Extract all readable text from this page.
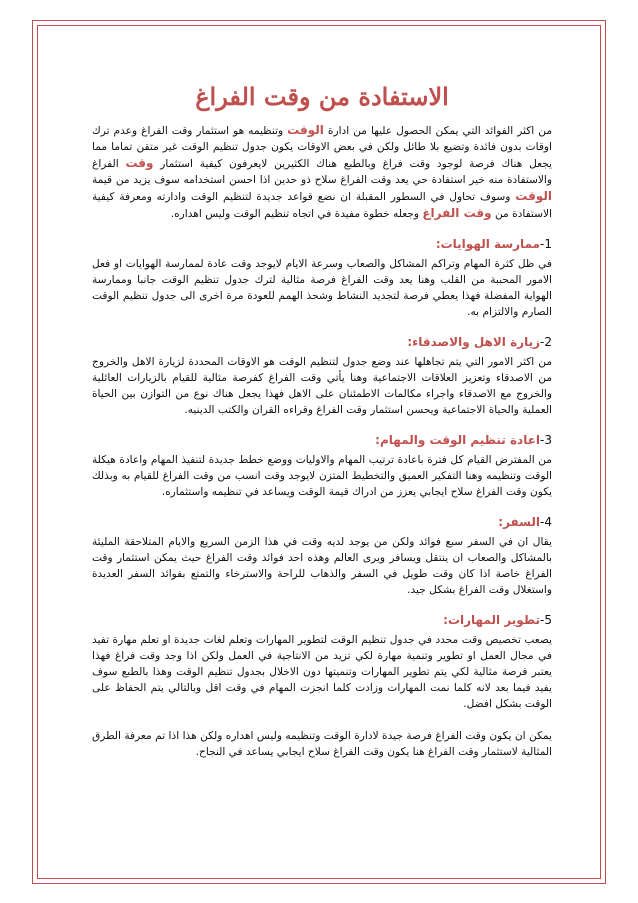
الاستفادة من وقت الفراغ

من اكثر الفوائد التي يمكن الحصول عليها من ادارة الوقت وتنظيمه هو استثمار وقت الفراغ وعدم ترك اوقات بدون فائدة وتضيع بلا طائل ولكن في بعض الاوقات يكون جدول تنظيم الوقت غير متقن تماما مما يجعل هناك فرصة لوجود وقت فراغ وبالطبع هناك الكثيرين لايعرفون كيفية استثمار وقت الفراغ والاستفادة منه خير استفادة حي يعد وقت الفراغ سلاح ذو حدين اذا احسن استخدامه سوف يزيد من قيمة الوقت وسوف تحاول في السطور المقبلة ان نضع قواعد جديدة لتنظيم الوقت وادارته ومعرفة كيفية الاستفادة من وقت الفراغ وجعله خطوة مفيدة في اتجاه تنظيم الوقت وليس اهداره.

1-ممارسة الهوايات:

في ظل كثرة المهام وتراكم المشاكل والصعاب وسرعة الايام لايوجد وقت عادة لممارسة الهوايات او فعل الامور المحببة من القلب وهنا يعد وقت الفراغ فرصة مثالية لترك جدول تنظيم الوقت جانبا وممارسة الهواية المفضلة فهذا يعطي فرصة لتجديد النشاط وشحذ الهمم للعودة مرة اخرى الى جدول تنظيم الوقت الصارم والالتزام به.

2-زيارة الاهل والاصدقاء:

من اكثر الامور التي يتم تجاهلها عند وضع جدول لتنظيم الوقت هو الاوقات المحددة لزيارة الاهل والخروج من الاصدقاء وتعزيز العلاقات الاجتماعية وهنا يأتي وقت الفراغ كفرصة مثالية للقيام بالزيارات العائلية والخروج مع الاصدقاء واجراء مكالمات الاطمئنان على الاهل فهذا يجعل هناك نوع من التوازن بين الحياة العملية والحياة الاجتماعية ويحسن استثمار وقت الفراغ وقراءه القران والكتب الدينيه.

3-اعادة تنظيم الوقت والمهام:

من المفترض القيام كل فترة باعادة ترتيب المهام والاوليات ووضع خطط جديدة لتنفيذ المهام واعادة هيكلة الوقت وتنظيمه وهنا التفكير العميق والتخطيط المتزن لايوجد وقت انسب من وقت الفراغ للقيام به وبذلك يكون وقت الفراغ سلاح ايجابي يعزز من ادراك قيمة الوقت ويساعد في تنظيمه واستثماره.

4-السفر:

يقال ان في السفر سبع فوائد ولكن من يوجد لديه وقت في هذا الزمن السريع والايام المتلاحقة المليئة بالمشاكل والصعاب ان ينتقل ويسافر ويرى العالم وهذه احد فوائد وقت الفراغ حيث يمكن استثمار وقت الفراغ خاصة اذا كان وقت طويل في السفر والذهاب للراحة والاسترخاء والتمتع بفوائد السفر العديدة واستغلال وقت الفراغ بشكل جيد.

5-تطوير المهارات:

يصعب تخصيص وقت محدد في جدول تنظيم الوقت لتطوير المهارات وتعلم لغات جديدة او تعلم مهارة تفيد في مجال العمل او تطوير وتنمية مهارة لكي تزيد من الانتاجية في العمل ولكن اذا وجد وقت فراغ فهذا يعتبر فرصة مثالية لكي يتم تطوير المهارات وتنميتها دون الاخلال بجدول تنظيم الوقت وهذا بالطبع سوف يفيد فيما بعد لانه كلما نمت المهارات وزادت كلما انجزت المهام في وقت اقل وبالتالي يتم الحفاظ على الوقت بشكل افضل.

يمكن ان يكون وقت الفراغ فرصة جيدة لادارة الوقت وتنظيمه وليس اهداره ولكن هذا اذا تم معرفة الطرق المثالية لاستثمار وقت الفراغ هنا يكون وقت الفراغ سلاح ايجابي يساعد في النجاح.
